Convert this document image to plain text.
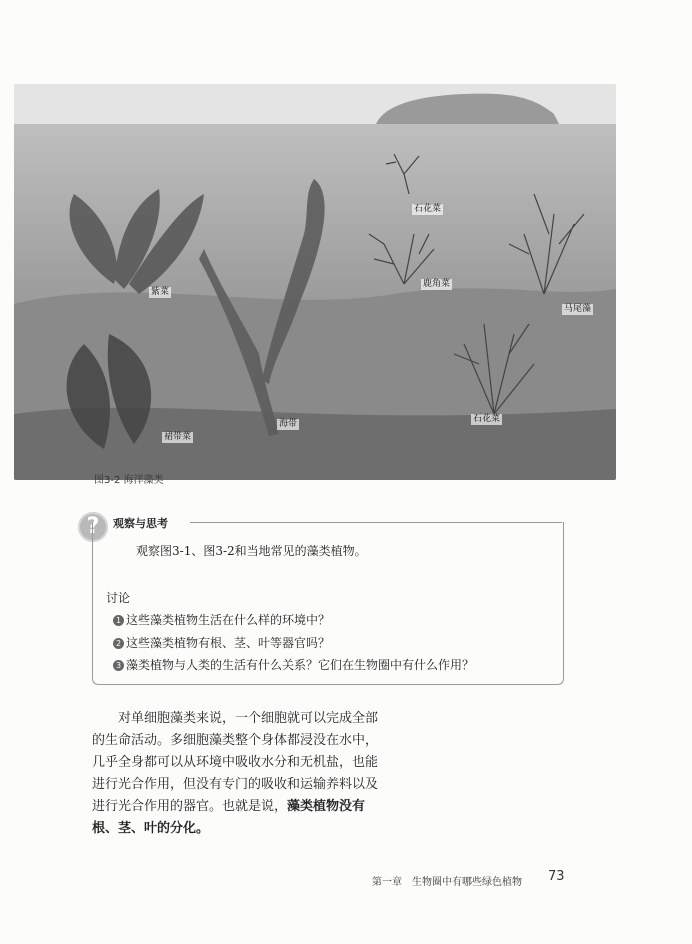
紫菜
石花菜
鹿角菜
马尾藻
石花菜
海带
裙带菜
图3-2 海洋藻类
?	观察与思考
观察图3-1、图3-2和当地常见的藻类植物。
讨论
1 这些藻类植物生活在什么样的环境中？
2 这些藻类植物有根、茎、叶等器官吗？
3 藻类植物与人类的生活有什么关系？它们在生物圈中有什么作用？
对单细胞藻类来说，一个细胞就可以完成全部
的生命活动。多细胞藻类整个身体都浸没在水中，
几乎全身都可以从环境中吸收水分和无机盐，也能
进行光合作用，但没有专门的吸收和运输养料以及
进行光合作用的器官。也就是说，藻类植物没有
根、茎、叶的分化。
第一章　生物圈中有哪些绿色植物 73
